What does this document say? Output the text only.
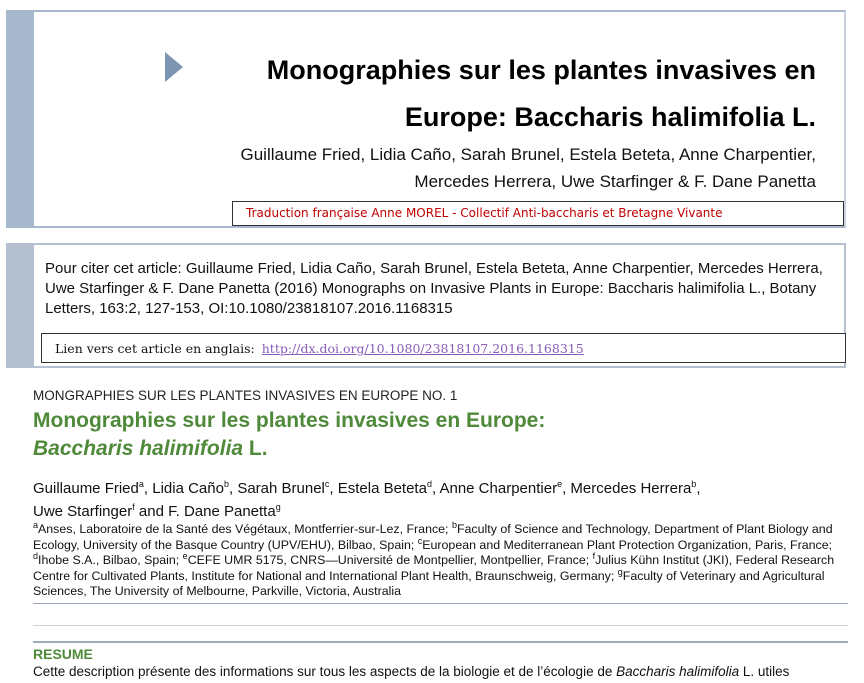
Monographies sur les plantes invasives en
Europe: Baccharis halimifolia L.
Guillaume Fried, Lidia Caño, Sarah Brunel, Estela Beteta, Anne Charpentier,
Mercedes Herrera, Uwe Starfinger & F. Dane Panetta
Traduction française Anne MOREL - Collectif Anti-baccharis et Bretagne Vivante
Pour citer cet article: Guillaume Fried, Lidia Caño, Sarah Brunel, Estela Beteta, Anne Charpentier, Mercedes Herrera, Uwe Starfinger & F. Dane Panetta (2016) Monographs on Invasive Plants in Europe: Baccharis halimifolia L., Botany Letters, 163:2, 127-153, OI:10.1080/23818107.2016.1168315
Lien vers cet article en anglais: http://dx.doi.org/10.1080/23818107.2016.1168315
MONGRAPHIES SUR LES PLANTES INVASIVES EN EUROPE NO. 1
Monographies sur les plantes invasives en Europe:
Baccharis halimifolia L.
Guillaume Fried$^a$, Lidia Caño$^b$, Sarah Brunel$^c$, Estela Beteta$^d$, Anne Charpentier$^e$, Mercedes Herrera$^b$,
Uwe Starfinger$^f$ and F. Dane Panetta$^g$
$^a$Anses, Laboratoire de la Santé des Végétaux, Montferrier-sur-Lez, France; $^b$Faculty of Science and Technology, Department of Plant Biology and Ecology, University of the Basque Country (UPV/EHU), Bilbao, Spain; $^c$European and Mediterranean Plant Protection Organization, Paris, France; $^d$Ihobe S.A., Bilbao, Spain; $^e$CEFE UMR 5175, CNRS—Université de Montpellier, Montpellier, France; $^f$Julius Kühn Institut (JKI), Federal Research Centre for Cultivated Plants, Institute for National and International Plant Health, Braunschweig, Germany; $^g$Faculty of Veterinary and Agricultural Sciences, The University of Melbourne, Parkville, Victoria, Australia
RESUME
Cette description présente des informations sur tous les aspects de la biologie et de l’écologie de Baccharis halimifolia L. utiles
